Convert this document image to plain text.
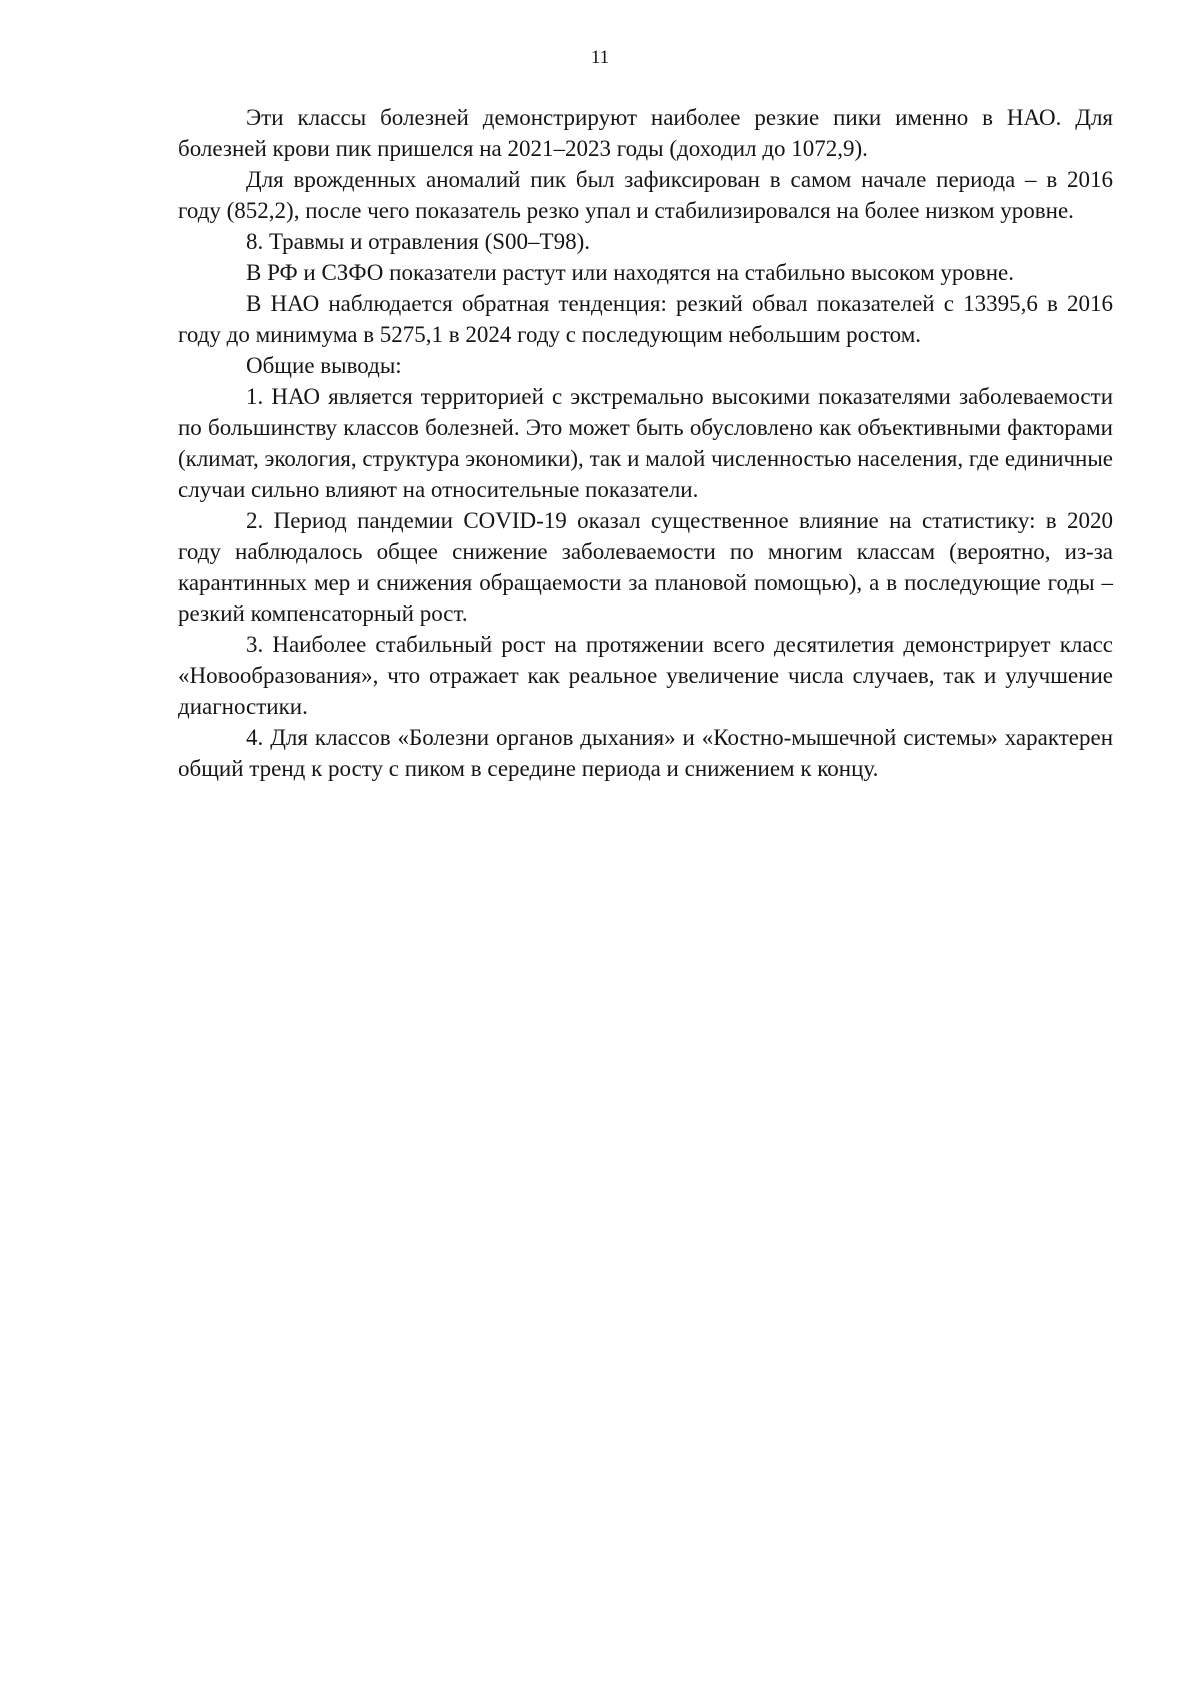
11

Эти классы болезней демонстрируют наиболее резкие пики именно в НАО. Для болезней крови пик пришелся на 2021–2023 годы (доходил до 1072,9).

Для врожденных аномалий пик был зафиксирован в самом начале периода – в 2016 году (852,2), после чего показатель резко упал и стабилизировался на более низком уровне.

8. Травмы и отравления (S00–T98).

В РФ и СЗФО показатели растут или находятся на стабильно высоком уровне.

В НАО наблюдается обратная тенденция: резкий обвал показателей с 13395,6 в 2016 году до минимума в 5275,1 в 2024 году с последующим небольшим ростом.

Общие выводы:

1. НАО является территорией с экстремально высокими показателями заболеваемости по большинству классов болезней. Это может быть обусловлено как объективными факторами (климат, экология, структура экономики), так и малой численностью населения, где единичные случаи сильно влияют на относительные показатели.

2. Период пандемии COVID-19 оказал существенное влияние на статистику: в 2020 году наблюдалось общее снижение заболеваемости по многим классам (вероятно, из-за карантинных мер и снижения обращаемости за плановой помощью), а в последующие годы – резкий компенсаторный рост.

3. Наиболее стабильный рост на протяжении всего десятилетия демонстрирует класс «Новообразования», что отражает как реальное увеличение числа случаев, так и улучшение диагностики.

4. Для классов «Болезни органов дыхания» и «Костно-мышечной системы» характерен общий тренд к росту с пиком в середине периода и снижением к концу.
